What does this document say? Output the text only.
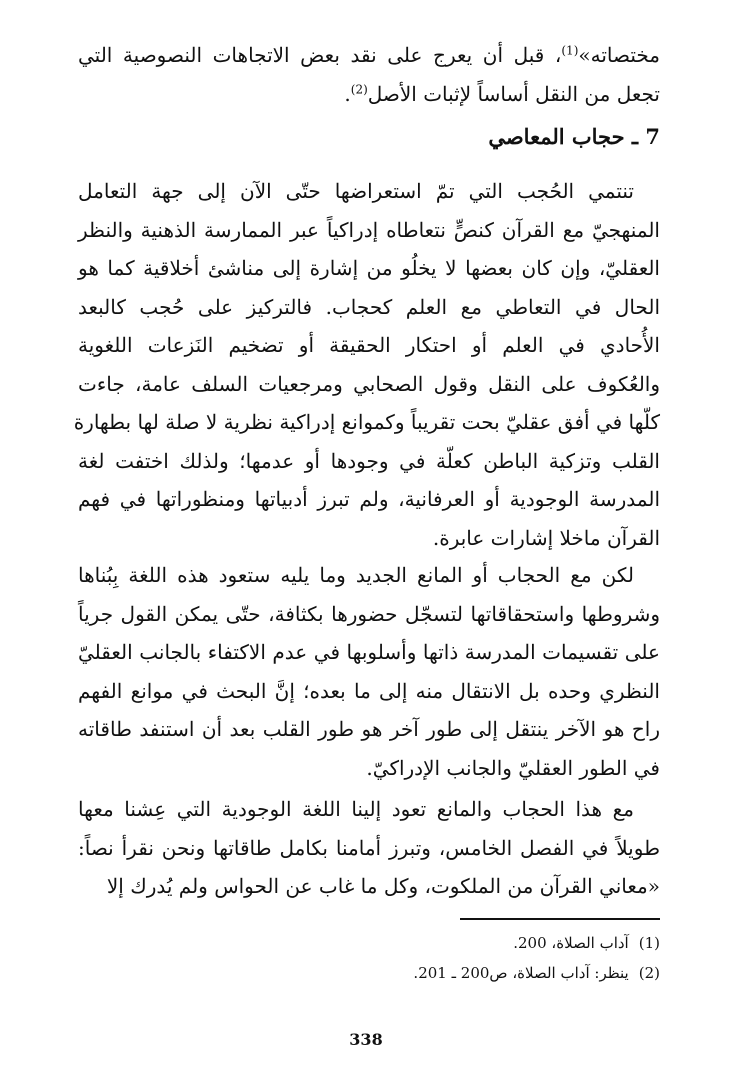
مختصاته»$^{(1)}$، قبل أن يعرج على نقد بعض الاتجاهات النصوصية التي
تجعل من النقل أساساً لإثبات الأصل$^{(2)}$.
7 ـ حجاب المعاصي
تنتمي الحُجب التي تمّ استعراضها حتّى الآن إلى جهة التعامل
المنهجيّ مع القرآن كنصٍّ نتعاطاه إدراكياً عبر الممارسة الذهنية والنظر
العقليّ، وإن كان بعضها لا يخلُو من إشارة إلى مناشئ أخلاقية كما هو
الحال في التعاطي مع العلم كحجاب. فالتركيز على حُجب كالبعد
الأُحادي في العلم أو احتكار الحقيقة أو تضخيم النَزعات اللغوية
والعُكوف على النقل وقول الصحابي ومرجعيات السلف عامة، جاءت
كلّها في أفق عقليّ بحت تقريباً وكموانع إدراكية نظرية لا صلة لها بطهارة
القلب وتزكية الباطن كعلّة في وجودها أو عدمها؛ ولذلك اختفت لغة
المدرسة الوجودية أو العرفانية، ولم تبرز أدبياتها ومنظوراتها في فهم
القرآن ماخلا إشارات عابرة.
لكن مع الحجاب أو المانع الجديد وما يليه ستعود هذه اللغة بِبُناها
وشروطها واستحقاقاتها لتسجّل حضورها بكثافة، حتّى يمكن القول جرياً
على تقسيمات المدرسة ذاتها وأسلوبها في عدم الاكتفاء بالجانب العقليّ
النظري وحده بل الانتقال منه إلى ما بعده؛ إنَّ البحث في موانع الفهم
راح هو الآخر ينتقل إلى طور آخر هو طور القلب بعد أن استنفد طاقاته
في الطور العقليّ والجانب الإدراكيّ.
مع هذا الحجاب والمانع تعود إلينا اللغة الوجودية التي عِشنا معها
طويلاً في الفصل الخامس، وتبرز أمامنا بكامل طاقاتها ونحن نقرأ نصاً:
«معاني القرآن من الملكوت، وكل ما غاب عن الحواس ولم يُدرك إلا
(1)آداب الصلاة، 200.
(2)ينظر: آداب الصلاة، ص200 ـ 201.
338
